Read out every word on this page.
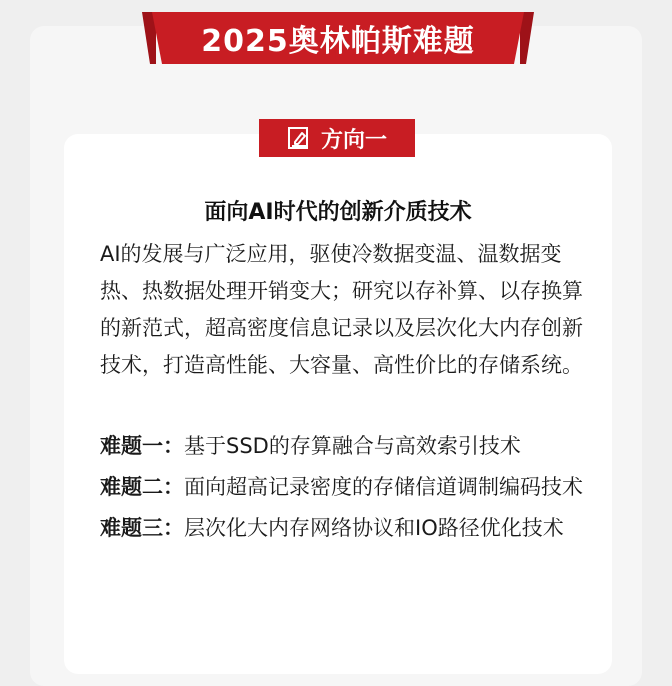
2025奥林帕斯难题
方向一
面向AI时代的创新介质技术
AI的发展与广泛应用，驱使冷数据变温、温数据变热、热数据处理开销变大；研究以存补算、以存换算的新范式，超高密度信息记录以及层次化大内存创新技术，打造高性能、大容量、高性价比的存储系统。
难题一：基于SSD的存算融合与高效索引技术
难题二：面向超高记录密度的存储信道调制编码技术
难题三：层次化大内存网络协议和IO路径优化技术
